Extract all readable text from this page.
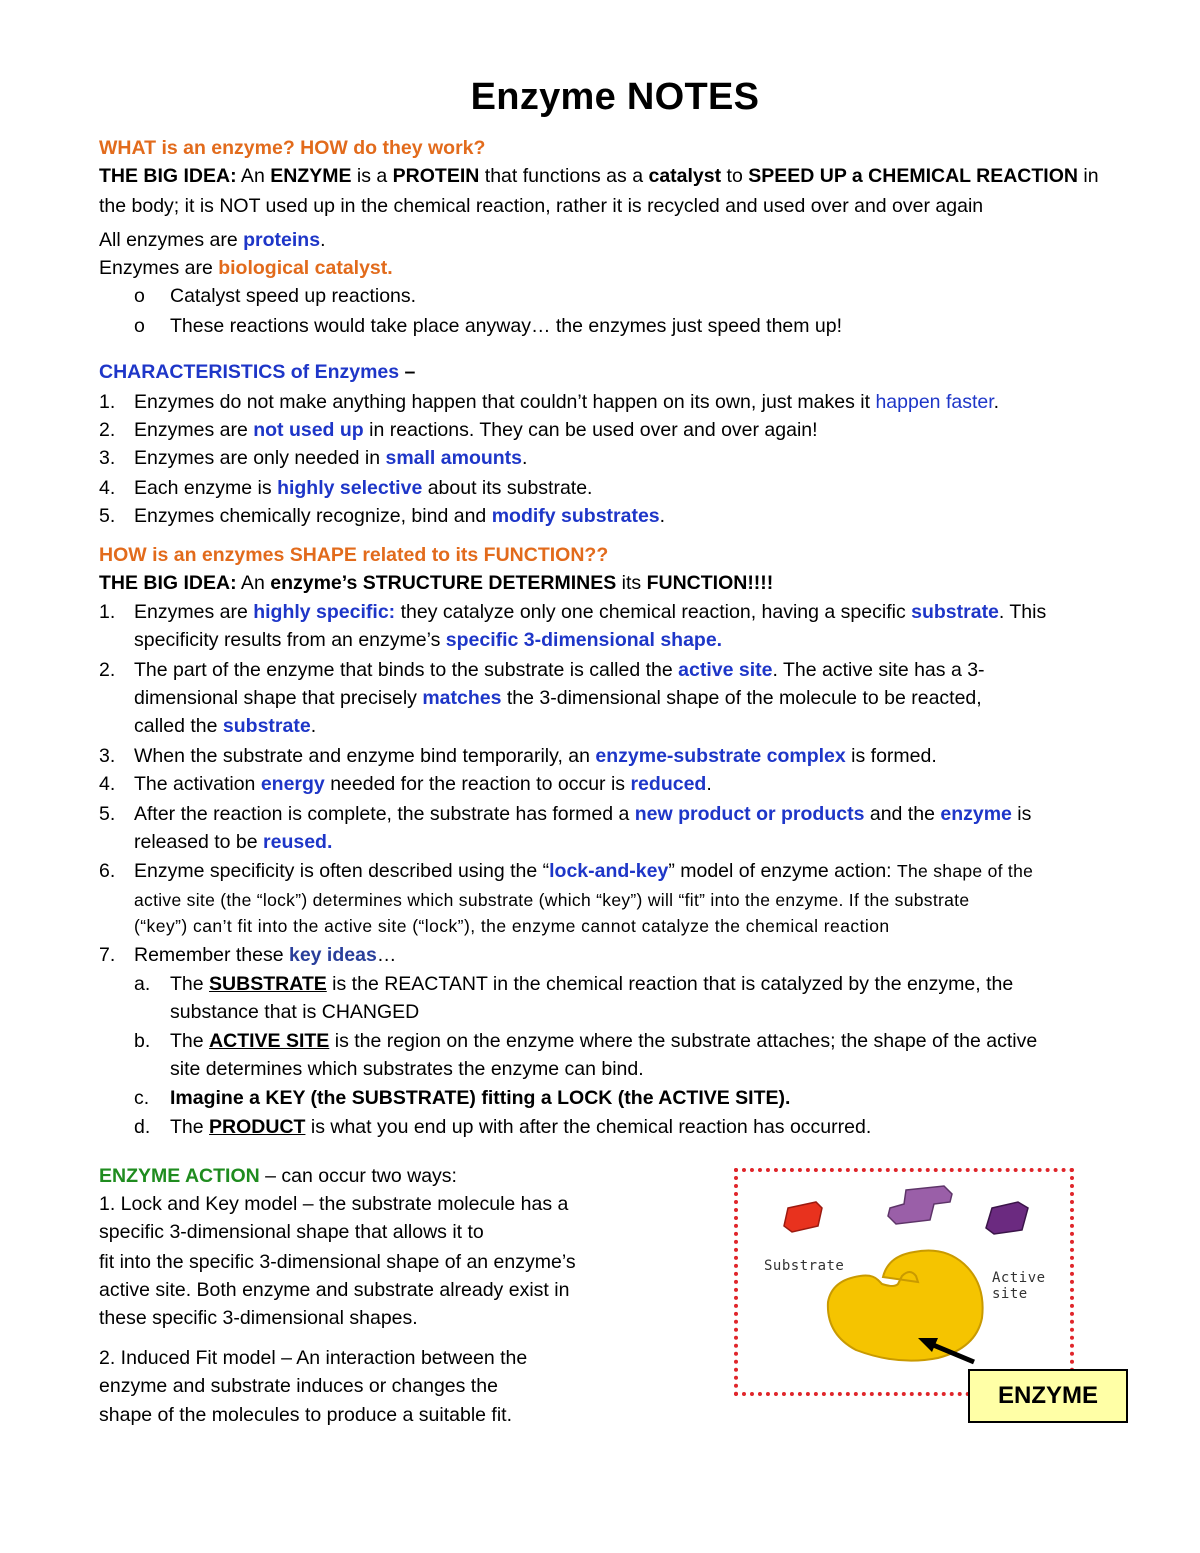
Enzyme NOTES
WHAT is an enzyme? HOW do they work?
THE BIG IDEA: An ENZYME is a PROTEIN that functions as a catalyst to SPEED UP a CHEMICAL REACTION in
the body; it is NOT used up in the chemical reaction, rather it is recycled and used over and over again
All enzymes are proteins.
Enzymes are biological catalyst.
o Catalyst speed up reactions.
o These reactions would take place anyway… the enzymes just speed them up!
CHARACTERISTICS of Enzymes –
1. Enzymes do not make anything happen that couldn’t happen on its own, just makes it happen faster.
2. Enzymes are not used up in reactions. They can be used over and over again!
3. Enzymes are only needed in small amounts.
4. Each enzyme is highly selective about its substrate.
5. Enzymes chemically recognize, bind and modify substrates.
HOW is an enzymes SHAPE related to its FUNCTION??
THE BIG IDEA: An enzyme’s STRUCTURE DETERMINES its FUNCTION!!!!
1. Enzymes are highly specific: they catalyze only one chemical reaction, having a specific substrate. This
specificity results from an enzyme’s specific 3-dimensional shape.
2. The part of the enzyme that binds to the substrate is called the active site. The active site has a 3-
dimensional shape that precisely matches the 3-dimensional shape of the molecule to be reacted,
called the substrate.
3. When the substrate and enzyme bind temporarily, an enzyme-substrate complex is formed.
4. The activation energy needed for the reaction to occur is reduced.
5. After the reaction is complete, the substrate has formed a new product or products and the enzyme is
released to be reused.
6. Enzyme specificity is often described using the “lock-and-key” model of enzyme action: The shape of the
active site (the “lock”) determines which substrate (which “key”) will “fit” into the enzyme. If the substrate
(“key”) can’t fit into the active site (“lock”), the enzyme cannot catalyze the chemical reaction
7. Remember these key ideas…
a. The SUBSTRATE is the REACTANT in the chemical reaction that is catalyzed by the enzyme, the
substance that is CHANGED
b. The ACTIVE SITE is the region on the enzyme where the substrate attaches; the shape of the active
site determines which substrates the enzyme can bind.
c. Imagine a KEY (the SUBSTRATE) fitting a LOCK (the ACTIVE SITE).
d. The PRODUCT is what you end up with after the chemical reaction has occurred.
ENZYME ACTION – can occur two ways:
1. Lock and Key model – the substrate molecule has a
specific 3-dimensional shape that allows it to
fit into the specific 3-dimensional shape of an enzyme’s
active site. Both enzyme and substrate already exist in
these specific 3-dimensional shapes.
2. Induced Fit model – An interaction between the
enzyme and substrate induces or changes the
shape of the molecules to produce a suitable fit.
Substrate
Active
site
ENZYME
